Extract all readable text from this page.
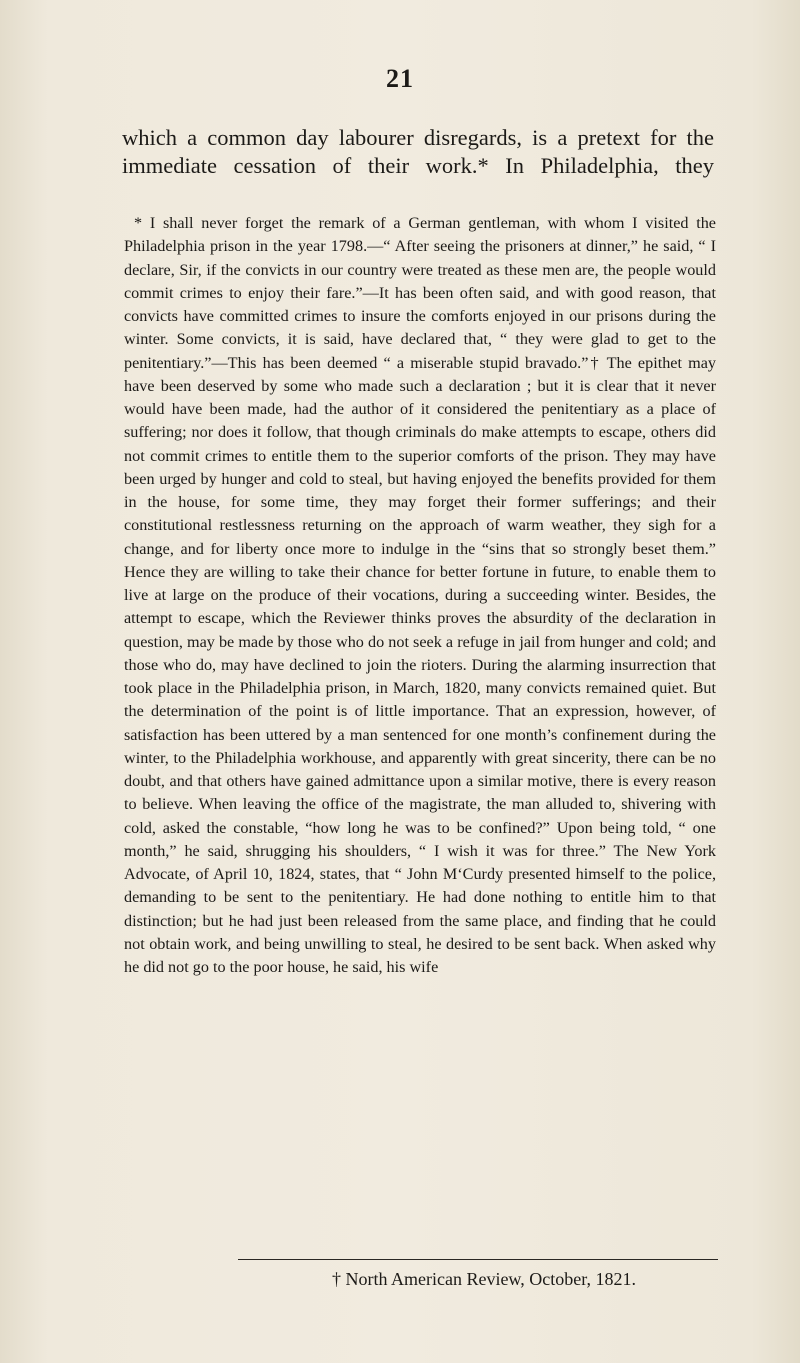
21

which a common day labourer disregards, is a pretext for the immediate cessation of their work.* In Philadelphia, they

* I shall never forget the remark of a German gentleman, with whom I visited the Philadelphia prison in the year 1798.—“ After seeing the prisoners at dinner,” he said, “ I declare, Sir, if the convicts in our country were treated as these men are, the people would commit crimes to enjoy their fare.”—It has been often said, and with good reason, that convicts have committed crimes to insure the comforts enjoyed in our prisons during the winter. Some convicts, it is said, have declared that, “ they were glad to get to the penitentiary.”—This has been deemed “ a miserable stupid bravado.”† The epithet may have been deserved by some who made such a declaration ; but it is clear that it never would have been made, had the author of it considered the penitentiary as a place of suffering; nor does it follow, that though criminals do make attempts to escape, others did not commit crimes to entitle them to the superior comforts of the prison. They may have been urged by hunger and cold to steal, but having enjoyed the benefits provided for them in the house, for some time, they may forget their former sufferings; and their constitutional restlessness returning on the approach of warm weather, they sigh for a change, and for liberty once more to indulge in the “sins that so strongly beset them.” Hence they are willing to take their chance for better fortune in future, to enable them to live at large on the produce of their vocations, during a succeeding winter. Besides, the attempt to escape, which the Reviewer thinks proves the absurdity of the declaration in question, may be made by those who do not seek a refuge in jail from hunger and cold; and those who do, may have declined to join the rioters. During the alarming insurrection that took place in the Philadelphia prison, in March, 1820, many convicts remained quiet. But the determination of the point is of little importance. That an expression, however, of satisfaction has been uttered by a man sentenced for one month’s confinement during the winter, to the Philadelphia workhouse, and apparently with great sincerity, there can be no doubt, and that others have gained admittance upon a similar motive, there is every reason to believe. When leaving the office of the magistrate, the man alluded to, shivering with cold, asked the constable, “how long he was to be confined?” Upon being told, “ one month,” he said, shrugging his shoulders, “ I wish it was for three.” The New York Advocate, of April 10, 1824, states, that “ John M‘Curdy presented himself to the police, demanding to be sent to the penitentiary. He had done nothing to entitle him to that distinction; but he had just been released from the same place, and finding that he could not obtain work, and being unwilling to steal, he desired to be sent back. When asked why he did not go to the poor house, he said, his wife

† North American Review, October, 1821.
